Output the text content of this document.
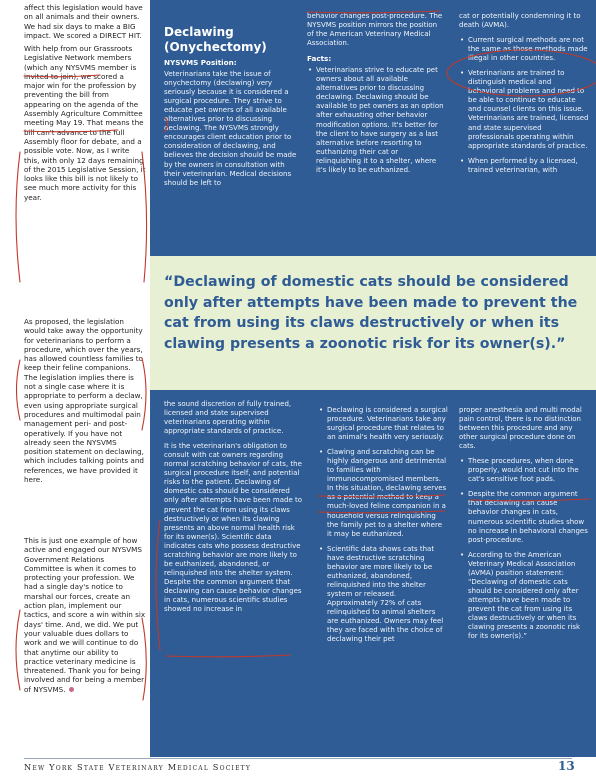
affect this legislation would have on all animals and their owners. We had six days to make a BIG impact. We scored a DIRECT HIT.

With help from our Grassroots Legislative Network members (which any NYSVMS member is invited to join), we scored a major win for the profession by preventing the bill from appearing on the agenda of the Assembly Agriculture Committee meeting May 19. That means the bill can't advance to the full Assembly floor for debate, and a possible vote. Now, as I write this, with only 12 days remaining of the 2015 Legislative Session, it looks like this bill is not likely to see much more activity for this year.

As proposed, the legislation would take away the opportunity for veterinarians to perform a procedure, which over the years, has allowed countless families to keep their feline companions. The legislation implies there is not a single case where it is appropriate to perform a declaw, even using appropriate surgical procedures and multimodal pain management peri- and post-operatively. If you have not already seen the NYSVMS position statement on declawing, which includes talking points and references, we have provided it here.

This is just one example of how active and engaged our NYSVMS Government Relations Committee is when it comes to protecting your profession. We had a single day's notice to marshal our forces, create an action plan, implement our tactics, and score a win within six days' time. And, we did. We put your valuable dues dollars to work and we will continue to do that anytime our ability to practice veterinary medicine is threatened. Thank you for being involved and for being a member of NYSVMS.

Declawing (Onychectomy)
NYSVMS Position:

Veterinarians take the issue of onychectomy (declawing) very seriously because it is considered a surgical procedure. They strive to educate pet owners of all available alternatives prior to discussing declawing. The NYSVMS strongly encourages client education prior to consideration of declawing, and believes the decision should be made by the owners in consultation with their veterinarian. Medical decisions should be left to

behavior changes post-procedure. The NYSVMS position mirrors the position of the American Veterinary Medical Association.

Facts:
• Veterinarians strive to educate pet owners about all available alternatives prior to discussing declawing. Declawing should be available to pet owners as an option after exhausting other behavior modification options. It's better for the client to have surgery as a last alternative before resorting to euthanizing their cat or relinquishing it to a shelter, where it's likely to be euthanized.

cat or potentially condemning it to death (AVMA).

• Current surgical methods are not the same as those methods made illegal in other countries.
• Veterinarians are trained to distinguish medical and behavioral problems and need to be able to continue to educate and counsel clients on this issue. Veterinarians are trained, licensed and state supervised professionals operating within appropriate standards of practice.
• When performed by a licensed, trained veterinarian, with
“Declawing of domestic cats should be considered only after attempts have been made to prevent the cat from using its claws destructively or when its clawing presents a zoonotic risk for its owner(s).”

the sound discretion of fully trained, licensed and state supervised veterinarians operating within appropriate standards of practice.

It is the veterinarian's obligation to consult with cat owners regarding normal scratching behavior of cats, the surgical procedure itself, and potential risks to the patient. Declawing of domestic cats should be considered only after attempts have been made to prevent the cat from using its claws destructively or when its clawing presents an above normal health risk for its owner(s). Scientific data indicates cats who possess destructive scratching behavior are more likely to be euthanized, abandoned, or relinquished into the shelter system. Despite the common argument that declawing can cause behavior changes in cats, numerous scientific studies showed no increase in

• Declawing is considered a surgical procedure. Veterinarians take any surgical procedure that relates to an animal's health very seriously.
• Clawing and scratching can be highly dangerous and detrimental to families with immunocompromised members. In this situation, declawing serves as a potential method to keep a much-loved feline companion in a household versus relinquishing the family pet to a shelter where it may be euthanized.
• Scientific data shows cats that have destructive scratching behavior are more likely to be euthanized, abandoned, relinquished into the shelter system or released. Approximately 72% of cats relinquished to animal shelters are euthanized. Owners may feel they are faced with the choice of declawing their pet

proper anesthesia and multi modal pain control, there is no distinction between this procedure and any other surgical procedure done on cats.

• These procedures, when done properly, would not cut into the cat's sensitive foot pads.
• Despite the common argument that declawing can cause behavior changes in cats, numerous scientific studies show no increase in behavioral changes post-procedure.
• According to the American Veterinary Medical Association (AVMA) position statement: “Declawing of domestic cats should be considered only after attempts have been made to prevent the cat from using its claws destructively or when its clawing presents a zoonotic risk for its owner(s).”
New York State Veterinary Medical Society	13
